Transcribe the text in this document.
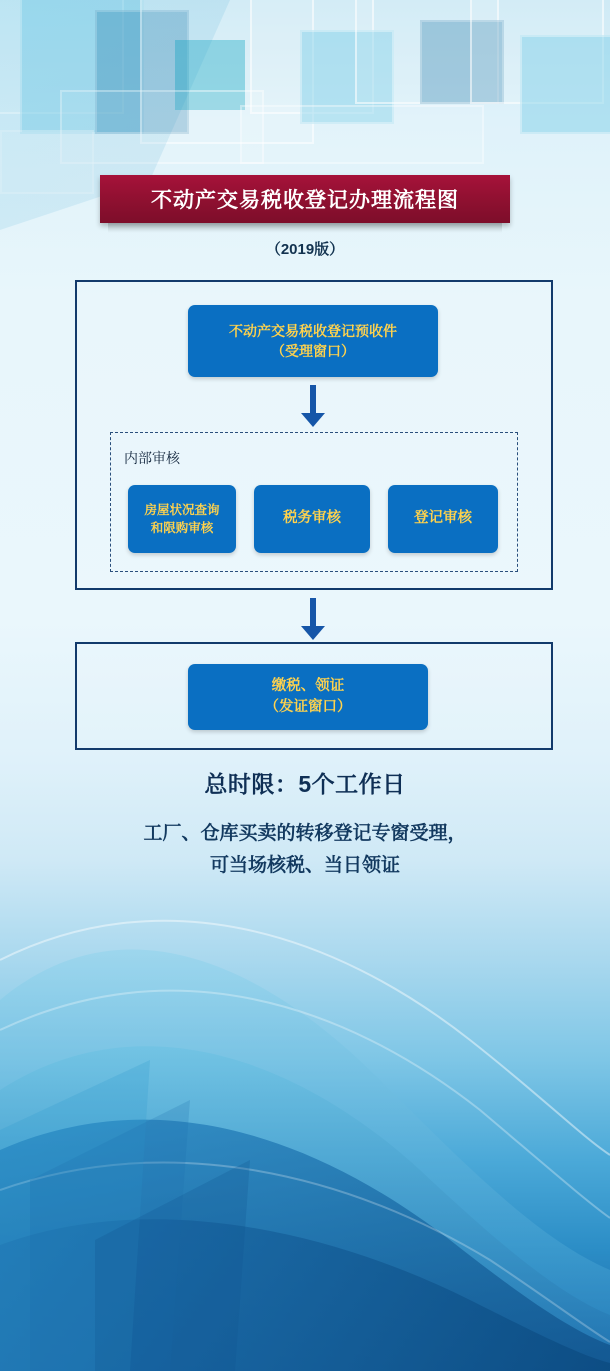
不动产交易税收登记办理流程图
（2019版）
不动产交易税收登记预收件
（受理窗口）
内部审核
房屋状况查询
和限购审核
税务审核	登记审核
缴税、领证
（发证窗口）
总时限：5个工作日
工厂、仓库买卖的转移登记专窗受理，
可当场核税、当日领证
